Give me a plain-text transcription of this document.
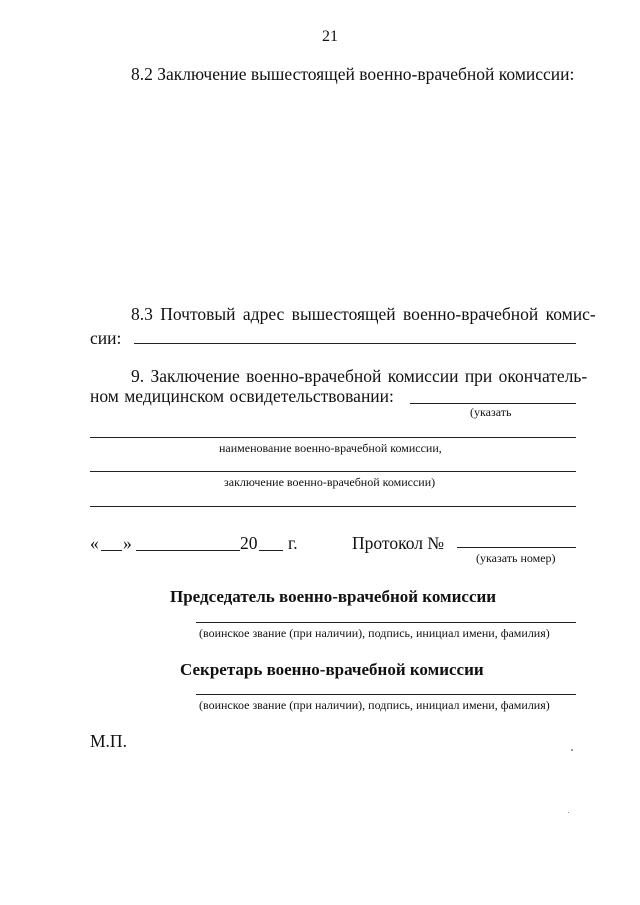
21
8.2 Заключение вышестоящей военно-врачебной комиссии:
8.3 Почтовый адрес вышестоящей военно-врачебной комис-
сии:
9. Заключение военно-врачебной комиссии при окончатель-
ном медицинском освидетельствовании:
(указать
наименование военно-врачебной комиссии,
заключение военно-врачебной комиссии)
« »	20 г.	Протокол №
(указать номер)
Председатель военно-врачебной комиссии
(воинское звание (при наличии), подпись, инициал имени, фамилия)
Секретарь военно-врачебной комиссии
(воинское звание (при наличии), подпись, инициал имени, фамилия)
М.П.
